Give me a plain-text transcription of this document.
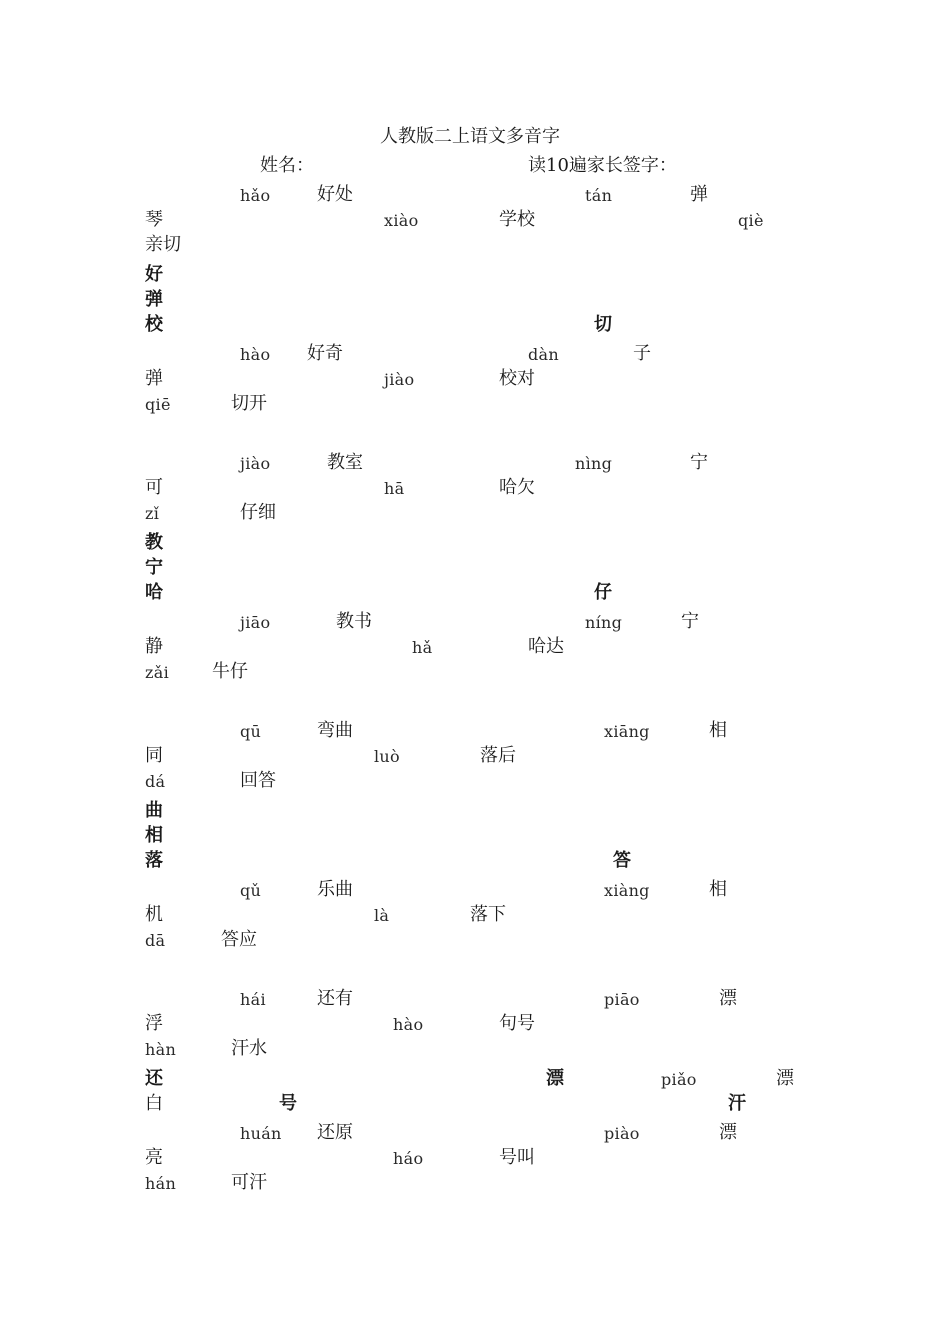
人教版二上语文多音字
姓名：	读10遍家长签字：
hǎo	好处	tán	弹
琴	xiào	学校	qiè
亲切
好
弹
校	切
hào 好奇	dàn	子
弹	jiào	校对
qiē	切开
jiào	教室	nìng	宁
可	hā	哈欠
zǐ	仔细
教
宁
哈	仔
jiāo	教书	níng	宁
静	hǎ	哈达
zǎi 牛仔
qū	弯曲	xiāng	相
同	luò	落后
dá	回答
曲
相
落	答
qǔ	乐曲	xiàng	相
机	là	落下
dā	答应
hái	还有	piāo	漂
浮	hào	句号
hàn	汗水
还	漂	piǎo	漂
白	号	汗
huán 还原	piào	漂
亮	háo	号叫
hán	可汗
